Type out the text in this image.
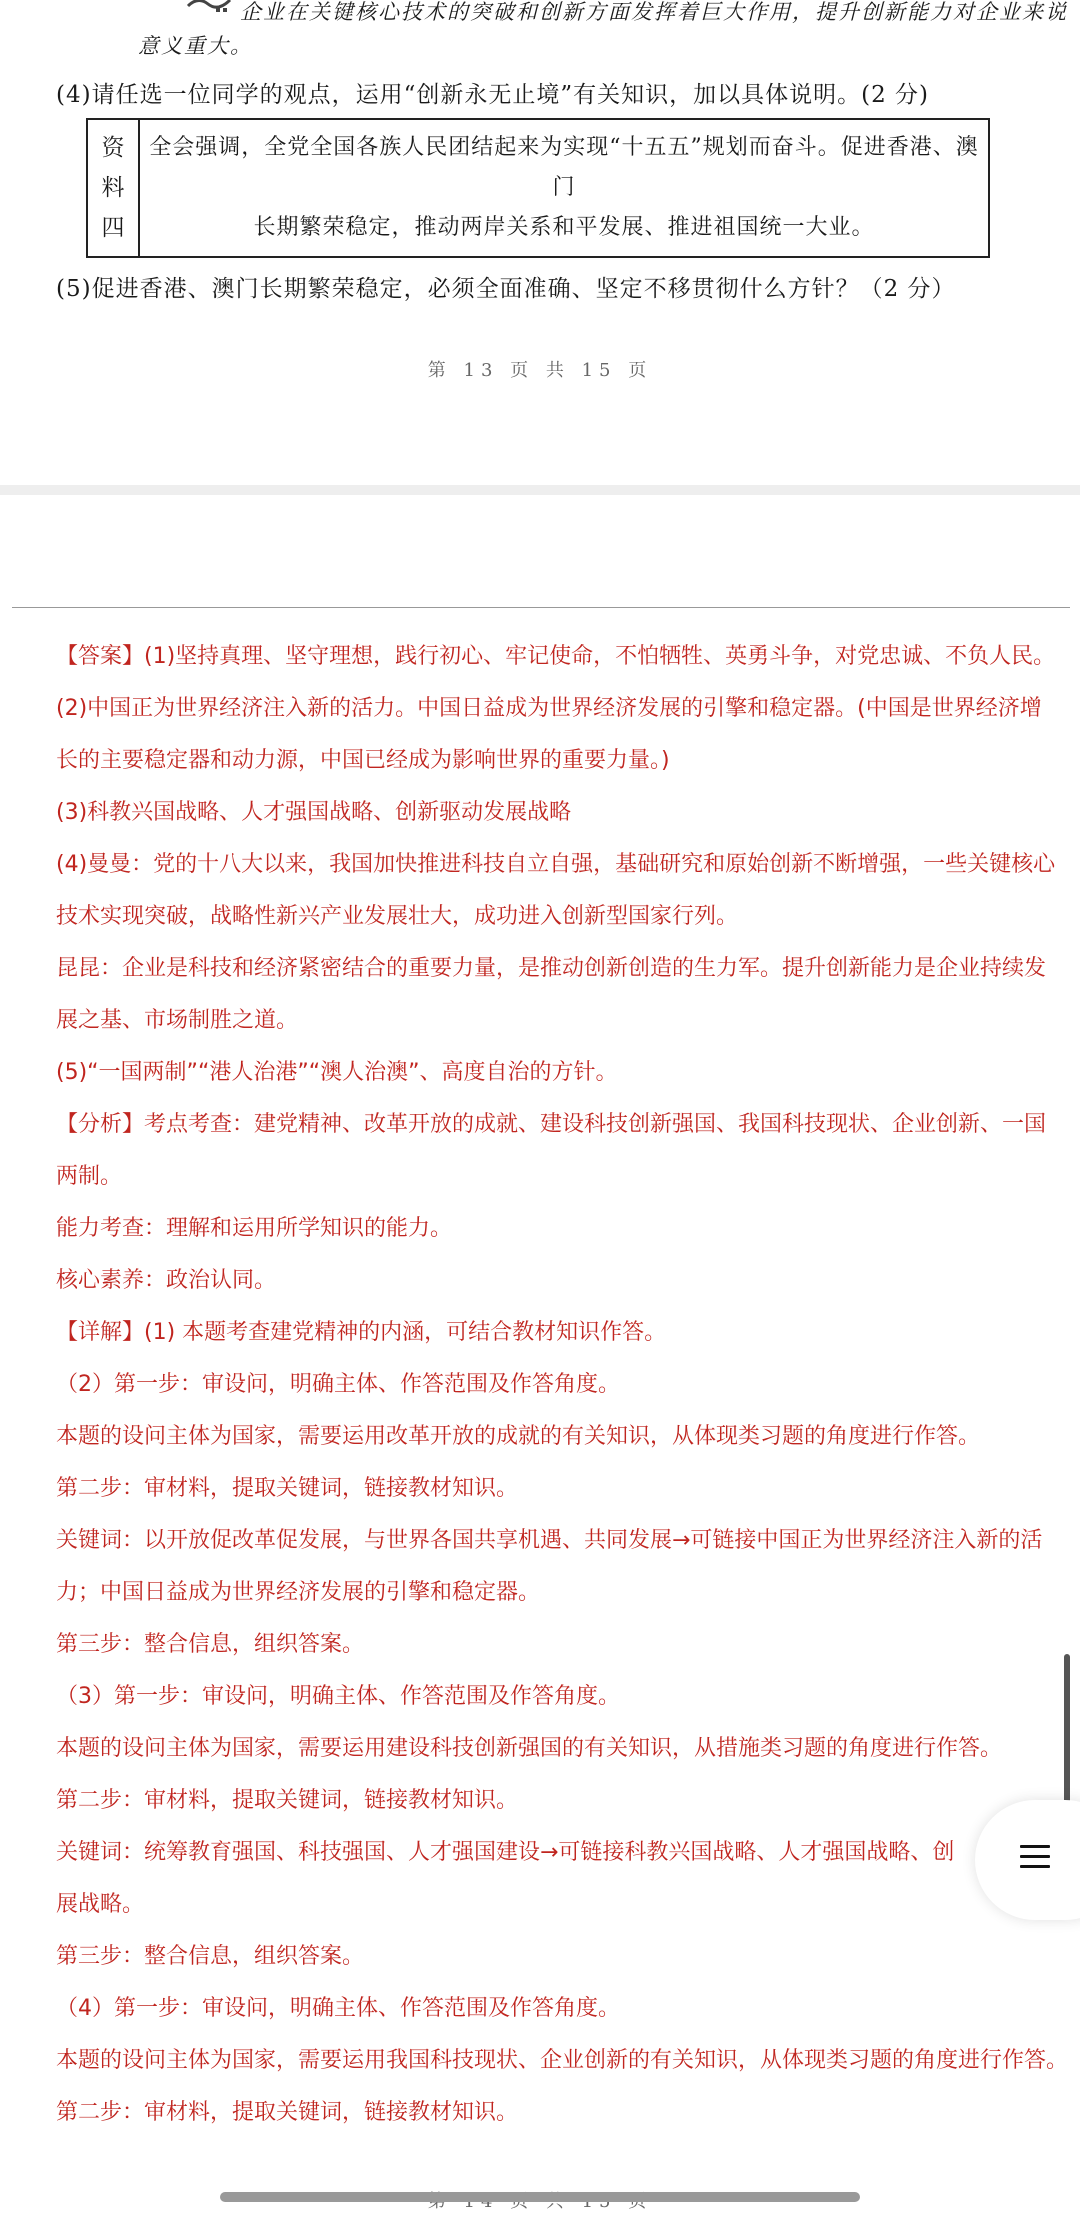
企业在关键核心技术的突破和创新方面发挥着巨大作用，提升创新能力对企业来说
意义重大。
(4)请任选一位同学的观点，运用“创新永无止境”有关知识，加以具体说明。(2 分)
资
料
四
全会强调，全党全国各族人民团结起来为实现“十五五”规划而奋斗。促进香港、澳门
长期繁荣稳定，推动两岸关系和平发展、推进祖国统一大业。
(5)促进香港、澳门长期繁荣稳定，必须全面准确、坚定不移贯彻什么方针？（2 分）
第 13 页 共 15 页

【答案】(1)坚持真理、坚守理想，践行初心、牢记使命，不怕牺牲、英勇斗争，对党忠诚、不负人民。

(2)中国正为世界经济注入新的活力。中国日益成为世界经济发展的引擎和稳定器。(中国是世界经济增

长的主要稳定器和动力源，中国已经成为影响世界的重要力量。)

(3)科教兴国战略、人才强国战略、创新驱动发展战略

(4)曼曼：党的十八大以来，我国加快推进科技自立自强，基础研究和原始创新不断增强，一些关键核心

技术实现突破，战略性新兴产业发展壮大，成功进入创新型国家行列。

昆昆：企业是科技和经济紧密结合的重要力量，是推动创新创造的生力军。提升创新能力是企业持续发

展之基、市场制胜之道。

(5)“一国两制”“港人治港”“澳人治澳”、高度自治的方针。

【分析】考点考查：建党精神、改革开放的成就、建设科技创新强国、我国科技现状、企业创新、一国

两制。

能力考查：理解和运用所学知识的能力。

核心素养：政治认同。

【详解】(1) 本题考查建党精神的内涵，可结合教材知识作答。

（2）第一步：审设问，明确主体、作答范围及作答角度。

本题的设问主体为国家，需要运用改革开放的成就的有关知识，从体现类习题的角度进行作答。

第二步：审材料，提取关键词，链接教材知识。

关键词：以开放促改革促发展，与世界各国共享机遇、共同发展→可链接中国正为世界经济注入新的活

力；中国日益成为世界经济发展的引擎和稳定器。

第三步：整合信息，组织答案。

（3）第一步：审设问，明确主体、作答范围及作答角度。

本题的设问主体为国家，需要运用建设科技创新强国的有关知识，从措施类习题的角度进行作答。

第二步：审材料，提取关键词，链接教材知识。

关键词：统筹教育强国、科技强国、人才强国建设→可链接科教兴国战略、人才强国战略、创

展战略。

第三步：整合信息，组织答案。

（4）第一步：审设问，明确主体、作答范围及作答角度。

本题的设问主体为国家，需要运用我国科技现状、企业创新的有关知识，从体现类习题的角度进行作答。

第二步：审材料，提取关键词，链接教材知识。
